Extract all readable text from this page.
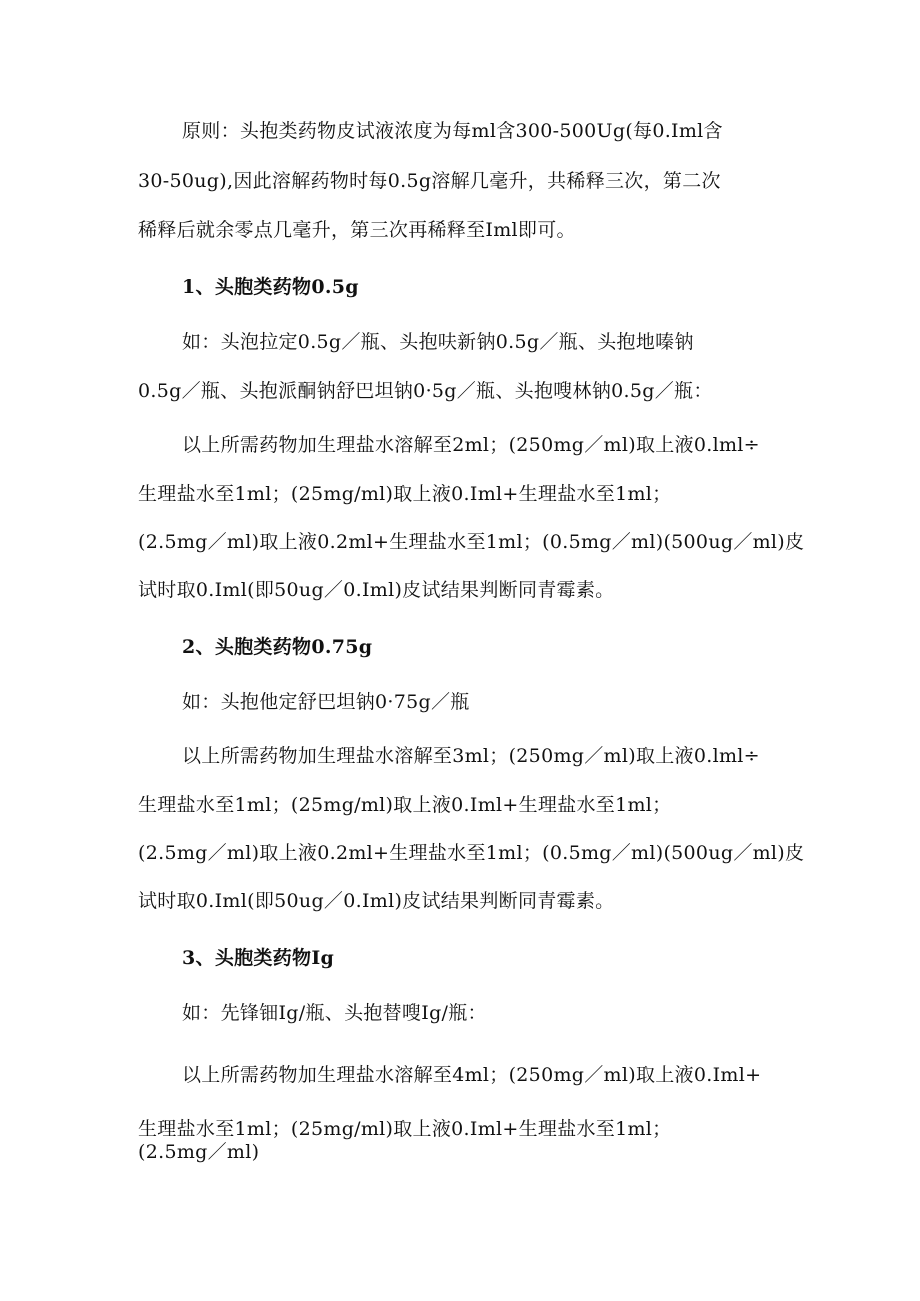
原则：头抱类药物皮试液浓度为每ml含300-500Ug(每0.Iml含
30-50ug),因此溶解药物时每0.5g溶解几毫升，共稀释三次，第二次
稀释后就余零点几毫升，第三次再稀释至Iml即可。
1、头胞类药物0.5g
如：头泡拉定0.5g／瓶、头抱呋新钠0.5g／瓶、头抱地嗪钠
0.5g／瓶、头抱派酮钠舒巴坦钠0·5g／瓶、头抱嗖林钠0.5g／瓶：
以上所需药物加生理盐水溶解至2ml；(250mg／ml)取上液0.lml÷
生理盐水至1ml；(25mg/ml)取上液0.Iml+生理盐水至1ml；
(2.5mg／ml)取上液0.2ml+生理盐水至1ml；(0.5mg／ml)(500ug／ml)皮
试时取0.Iml(即50ug／0.Iml)皮试结果判断同青霉素。
2、头胞类药物0.75g
如：头抱他定舒巴坦钠0·75g／瓶
以上所需药物加生理盐水溶解至3ml；(250mg／ml)取上液0.lml÷
生理盐水至1ml；(25mg/ml)取上液0.Iml+生理盐水至1ml；
(2.5mg／ml)取上液0.2ml+生理盐水至1ml；(0.5mg／ml)(500ug／ml)皮
试时取0.Iml(即50ug／0.Iml)皮试结果判断同青霉素。
3、头胞类药物Ig
如：先锋钿Ig/瓶、头抱替嗖Ig/瓶：
以上所需药物加生理盐水溶解至4ml；(250mg／ml)取上液0.Iml+
生理盐水至1ml；(25mg/ml)取上液0.Iml+生理盐水至1ml；
(2.5mg／ml)
